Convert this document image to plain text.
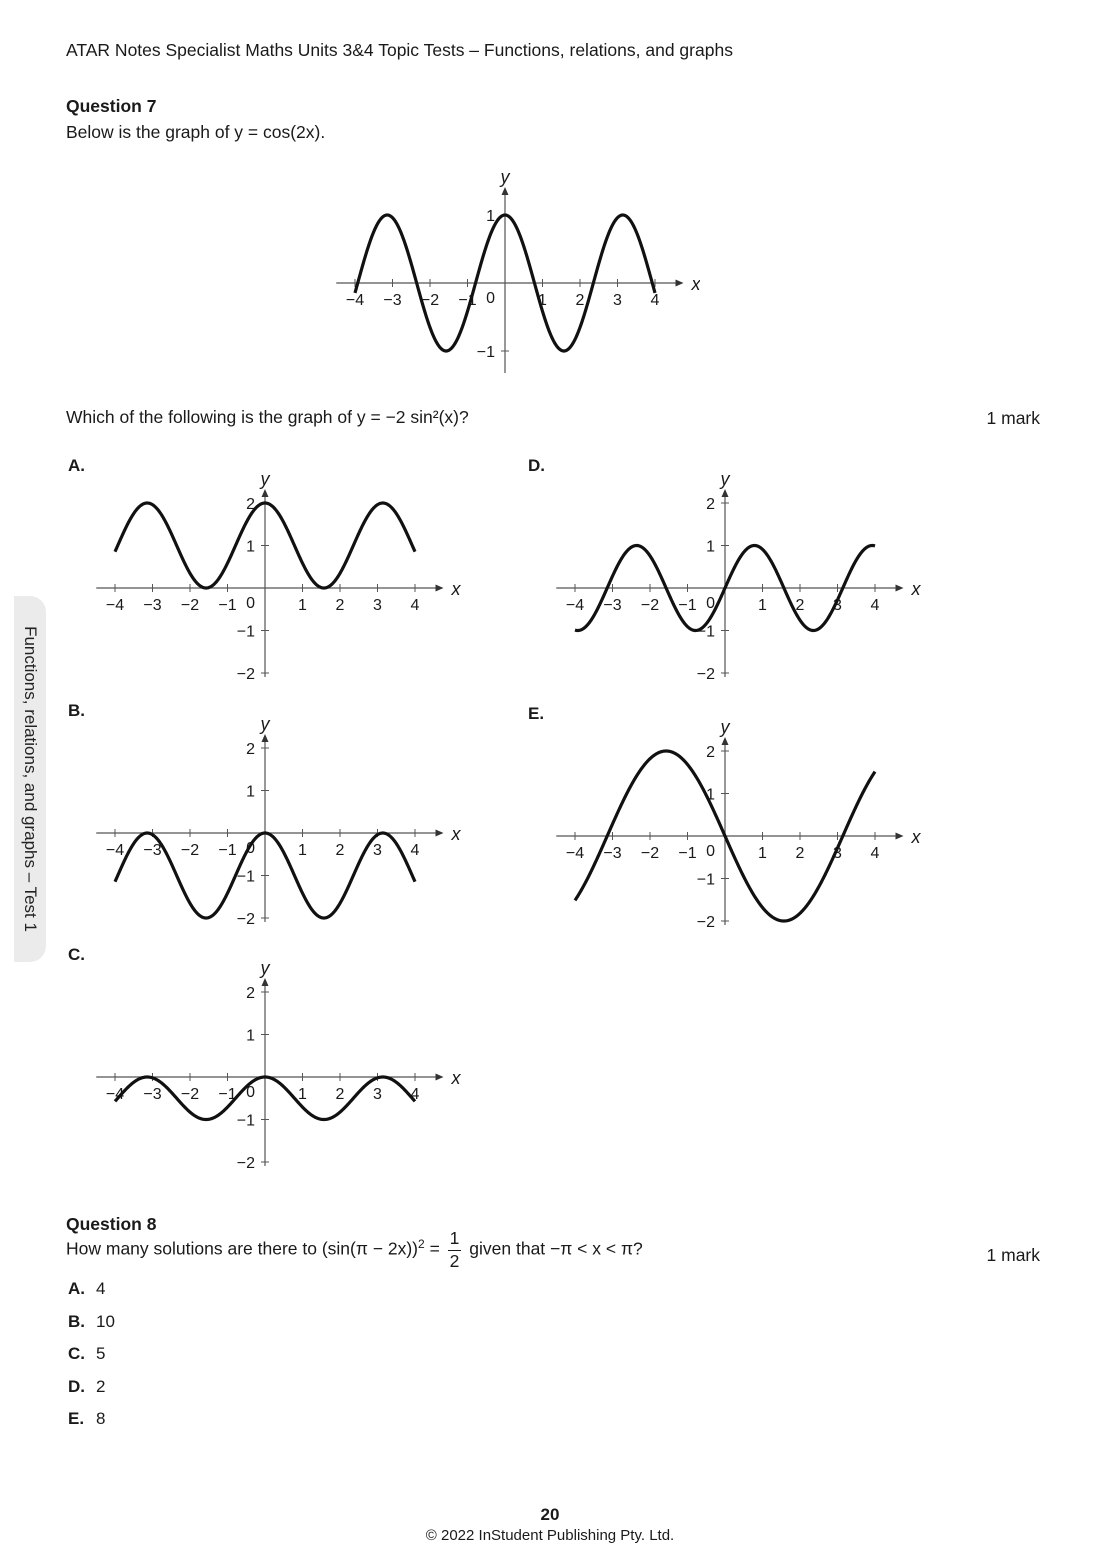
ATAR Notes Specialist Maths Units 3&4 Topic Tests – Functions, relations, and graphs
Functions, relations, and graphs – Test 1
Question 7
Below is the graph of y = cos(2x).
−4 −3 −2 −1	1 2 3 4
−1
1
0
x
y
Which of the following is the graph of y = −2 sin²(x)?	1 mark
A.	D.
B.	E.
C.
−4 −3 −2 −1	1 2 3 4
−2
−1
1
2
0
x
y
−4 −3 −2 −1	1 2 3 4
−2
−1
1
2
0
x
y
−4 −3 −2 −1	1 2 3 4
−2
−1
1
2
0
x
y
−4 −3 −2 −1	1 2 3 4
−2
−1
1
2
0
x
y
−4 −3 −2 −1	1 2 3 4
−2
−1
1
2
0
x
y
Question 8
How many solutions are there to $(\sin(\pi - 2x))^2 = \frac{1}{2}$ given that −π < x < π?	1 mark
A. 4
B. 10
C. 5
D. 2
E. 8
20
© 2022 InStudent Publishing Pty. Ltd.
